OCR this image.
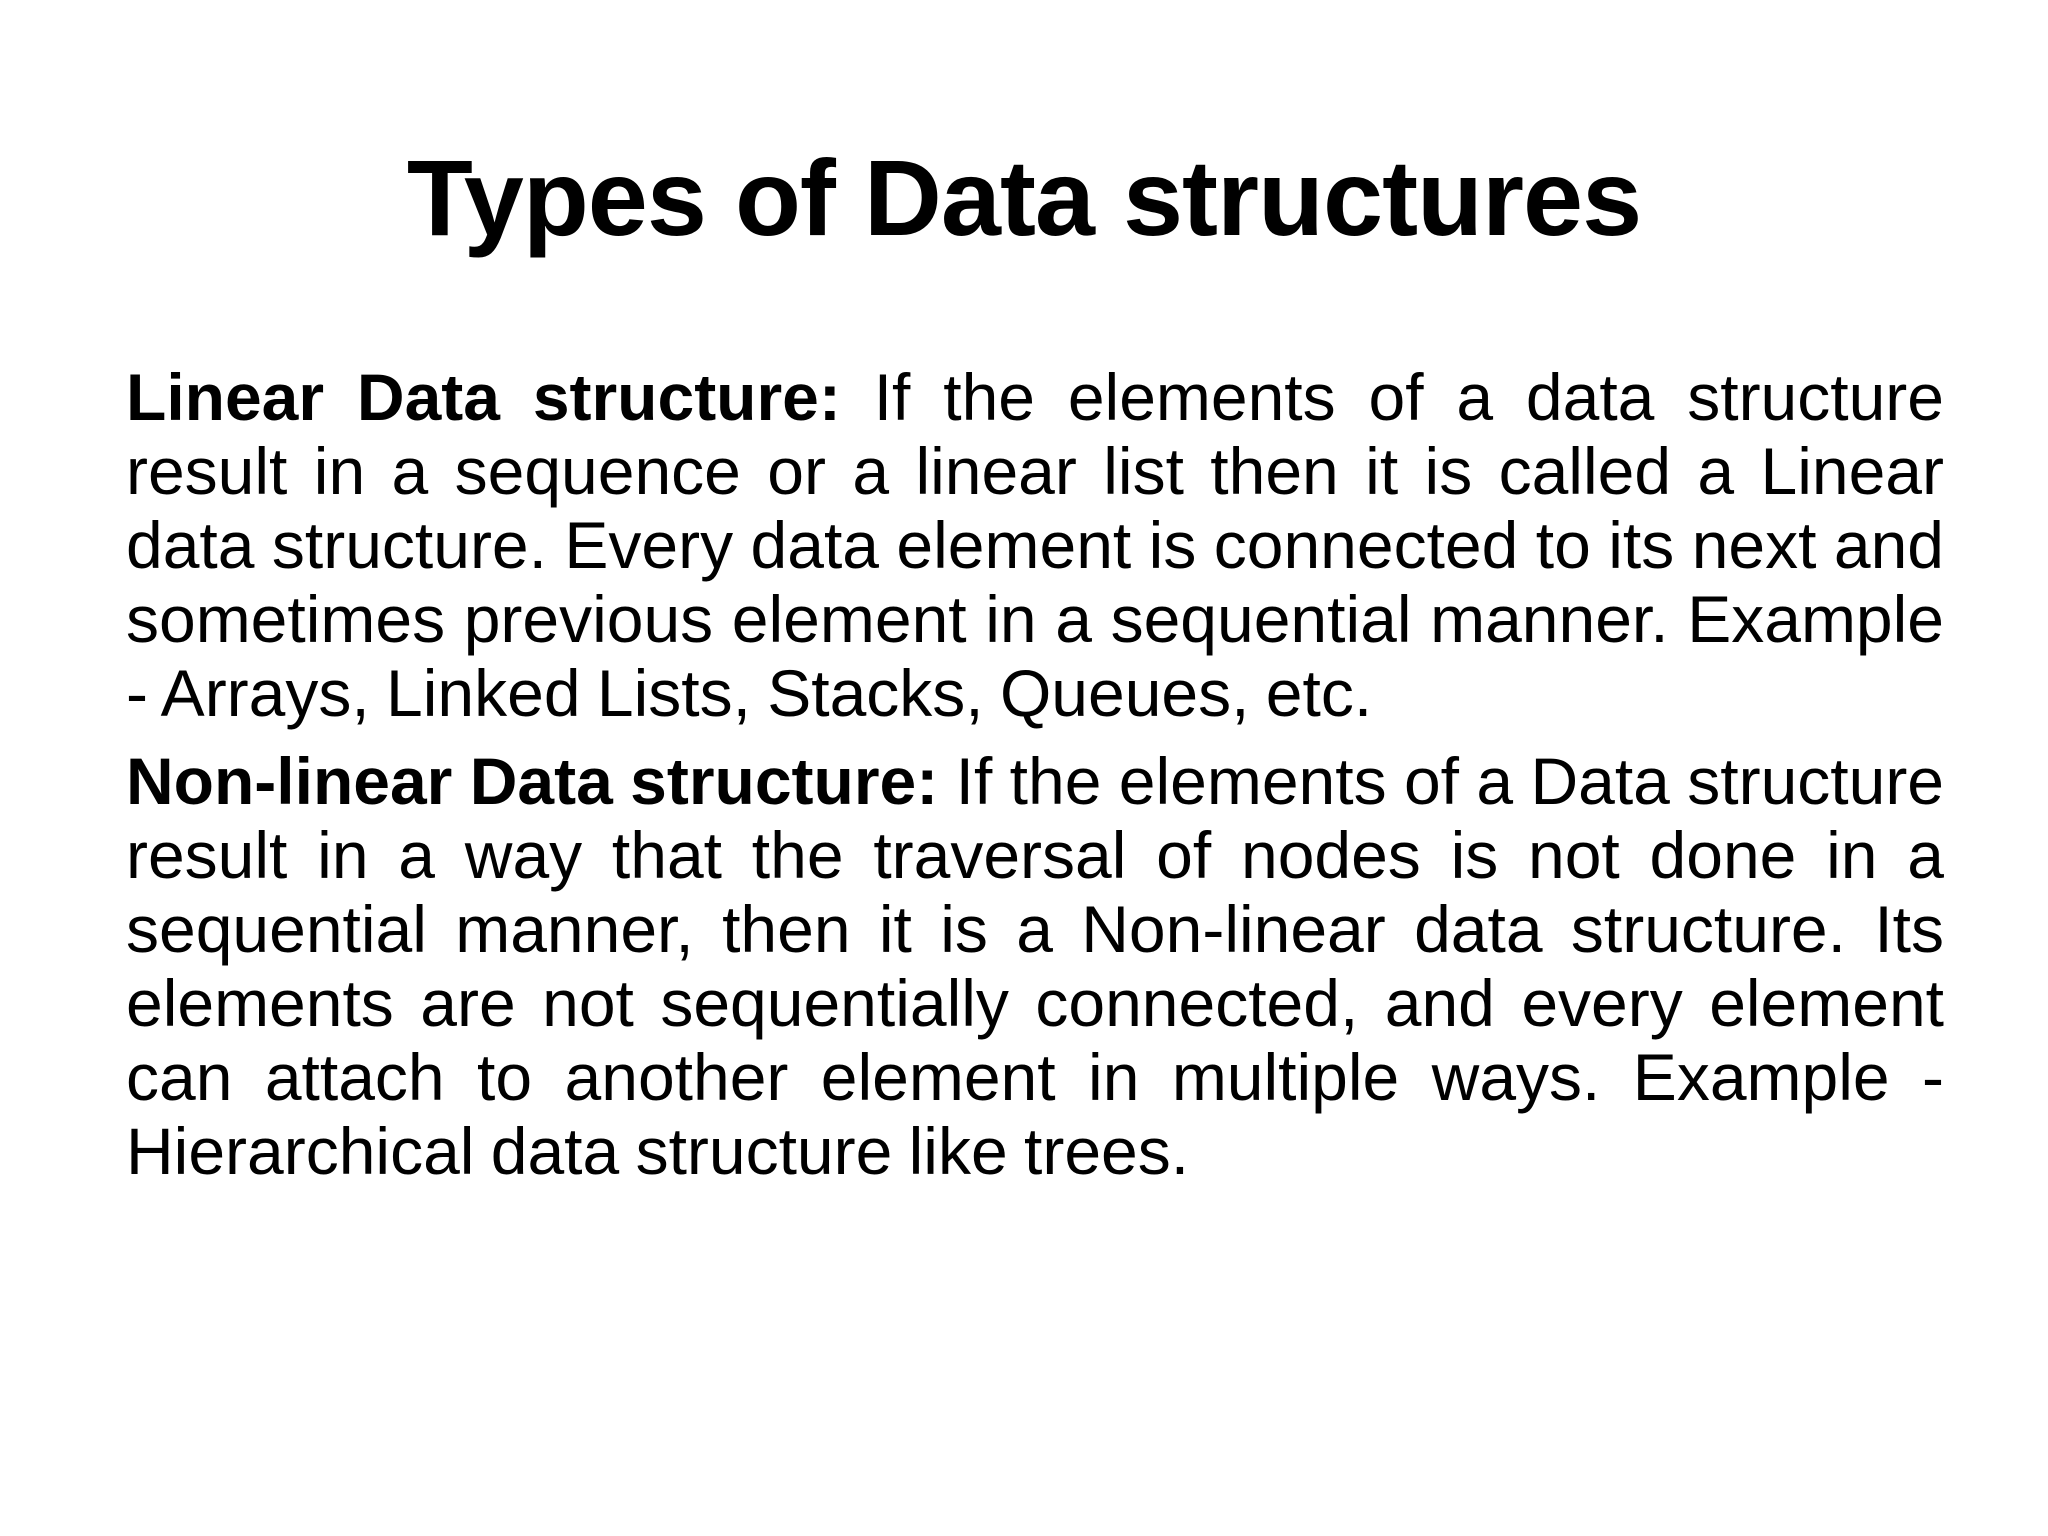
Types of Data structures

Linear Data structure: If the elements of a data structure result in a sequence or a linear list then it is called a Linear data structure. Every data element is connected to its next and sometimes previous element in a sequential manner. Example - Arrays, Linked Lists, Stacks, Queues, etc.

Non-linear Data structure: If the elements of a Data structure result in a way that the traversal of nodes is not done in a sequential manner, then it is a Non-linear data structure. Its elements are not sequentially connected, and every element can attach to another element in multiple ways. Example - Hierarchical data structure like trees.
